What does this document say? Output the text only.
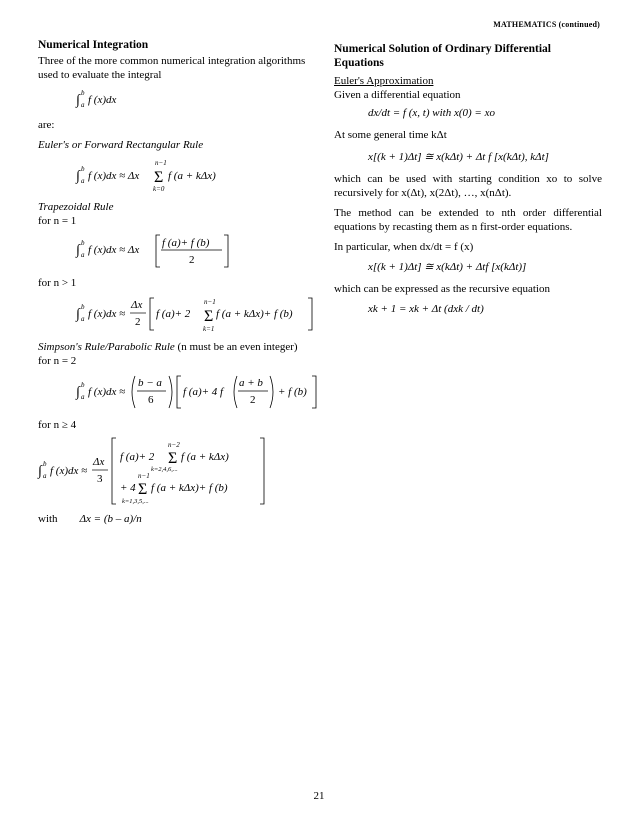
MATHEMATICS (continued)
Numerical Integration

Three of the more common numerical integration algorithms used to evaluate the integral

∫ b
a f (x)dx

are:

Euler's or Forward Rectangular Rule

∫ b
a f (x)dx ≈ Δx
n−1
Σ
k=0
f (a + kΔx)

Trapezoidal Rule

for n = 1

∫ b
a f (x)dx ≈ Δx
f (a)+ f (b)
2

for n > 1

∫ b
a f (x)dx ≈
Δx
2
f (a)+ 2
n−1
Σ
k=1
f (a + kΔx)+ f (b)

Simpson's Rule/Parabolic Rule (n must be an even integer)

for n = 2

∫ b
a f (x)dx ≈
b − a
6
f (a)+ 4 f
a + b
2
+ f (b)

for n ≥ 4

∫ b
a f (x)dx ≈
Δx
3
f (a)+ 2
n−2
Σ
k=2,4,6,...
f (a + kΔx)
+ 4
n−1
Σ
k=1,3,5,...
f (a + kΔx)+ f (b)

with Δx = (b – a)/n

Numerical Solution of Ordinary Differential Equations

Euler's Approximation

Given a differential equation

dx/dt = f (x, t) with x(0) = xo

At some general time kΔt

x[(k + 1)Δt] ≅ x(kΔt) + Δt f [x(kΔt), kΔt]

which can be used with starting condition xo to solve recursively for x(Δt), x(2Δt), …, x(nΔt).

The method can be extended to nth order differential equations by recasting them as n first-order equations.

In particular, when dx/dt = f (x)

x[(k + 1)Δt] ≅ x(kΔt) + Δtf [x(kΔt)]

which can be expressed as the recursive equation

xk + 1 = xk + Δt (dxk / dt)

21
